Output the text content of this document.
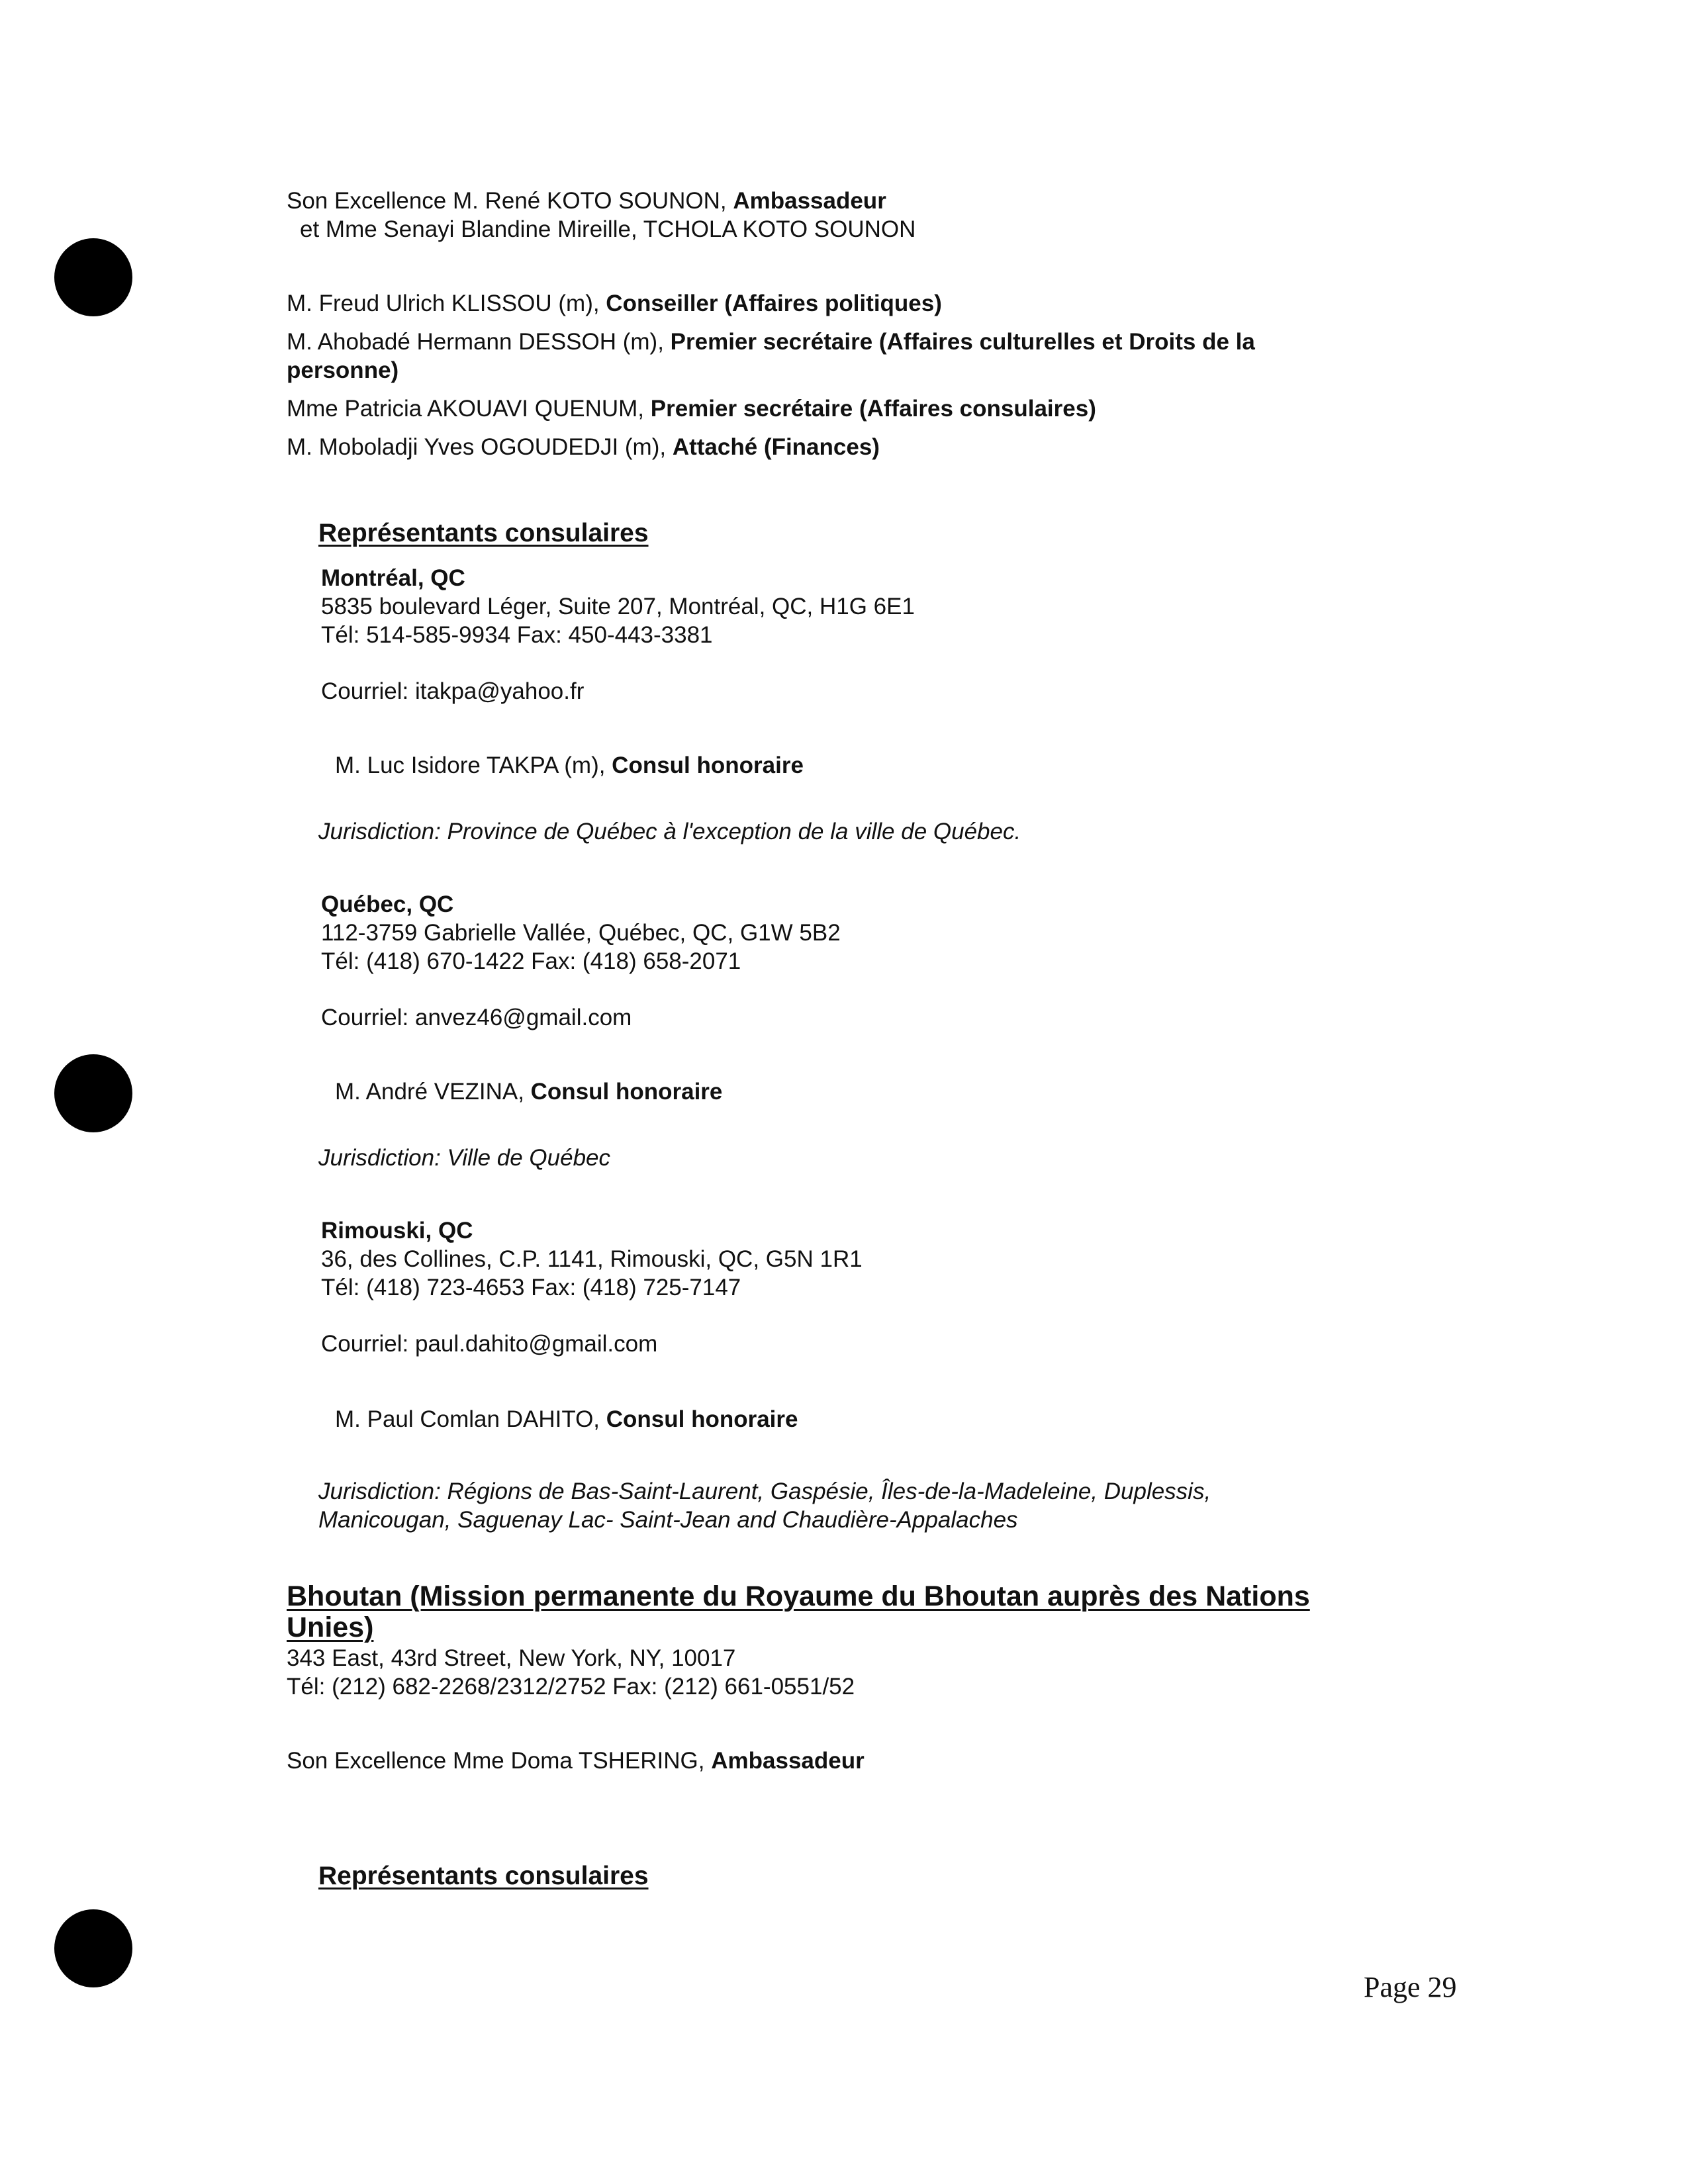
Son Excellence M. René KOTO SOUNON, Ambassadeur
et Mme Senayi Blandine Mireille, TCHOLA KOTO SOUNON
M. Freud Ulrich KLISSOU (m), Conseiller (Affaires politiques)
M. Ahobadé Hermann DESSOH (m), Premier secrétaire (Affaires culturelles et Droits de la
personne)
Mme Patricia AKOUAVI QUENUM, Premier secrétaire (Affaires consulaires)
M. Moboladji Yves OGOUDEDJI (m), Attaché (Finances)
Représentants consulaires
Montréal, QC
5835 boulevard Léger, Suite 207, Montréal, QC, H1G 6E1
Tél: 514-585-9934 Fax: 450-443-3381
Courriel: itakpa@yahoo.fr
M. Luc Isidore TAKPA (m), Consul honoraire
Jurisdiction: Province de Québec à l'exception de la ville de Québec.
Québec, QC
112-3759 Gabrielle Vallée, Québec, QC, G1W 5B2
Tél: (418) 670-1422 Fax: (418) 658-2071
Courriel: anvez46@gmail.com
M. André VEZINA, Consul honoraire
Jurisdiction: Ville de Québec
Rimouski, QC
36, des Collines, C.P. 1141, Rimouski, QC, G5N 1R1
Tél: (418) 723-4653 Fax: (418) 725-7147
Courriel: paul.dahito@gmail.com
M. Paul Comlan DAHITO, Consul honoraire
Jurisdiction: Régions de Bas-Saint-Laurent, Gaspésie, Îles-de-la-Madeleine, Duplessis,
Manicougan, Saguenay Lac- Saint-Jean and Chaudière-Appalaches
Bhoutan (Mission permanente du Royaume du Bhoutan auprès des Nations
Unies)
343 East, 43rd Street, New York, NY, 10017
Tél: (212) 682-2268/2312/2752 Fax: (212) 661-0551/52
Son Excellence Mme Doma TSHERING, Ambassadeur
Représentants consulaires
Page 29
